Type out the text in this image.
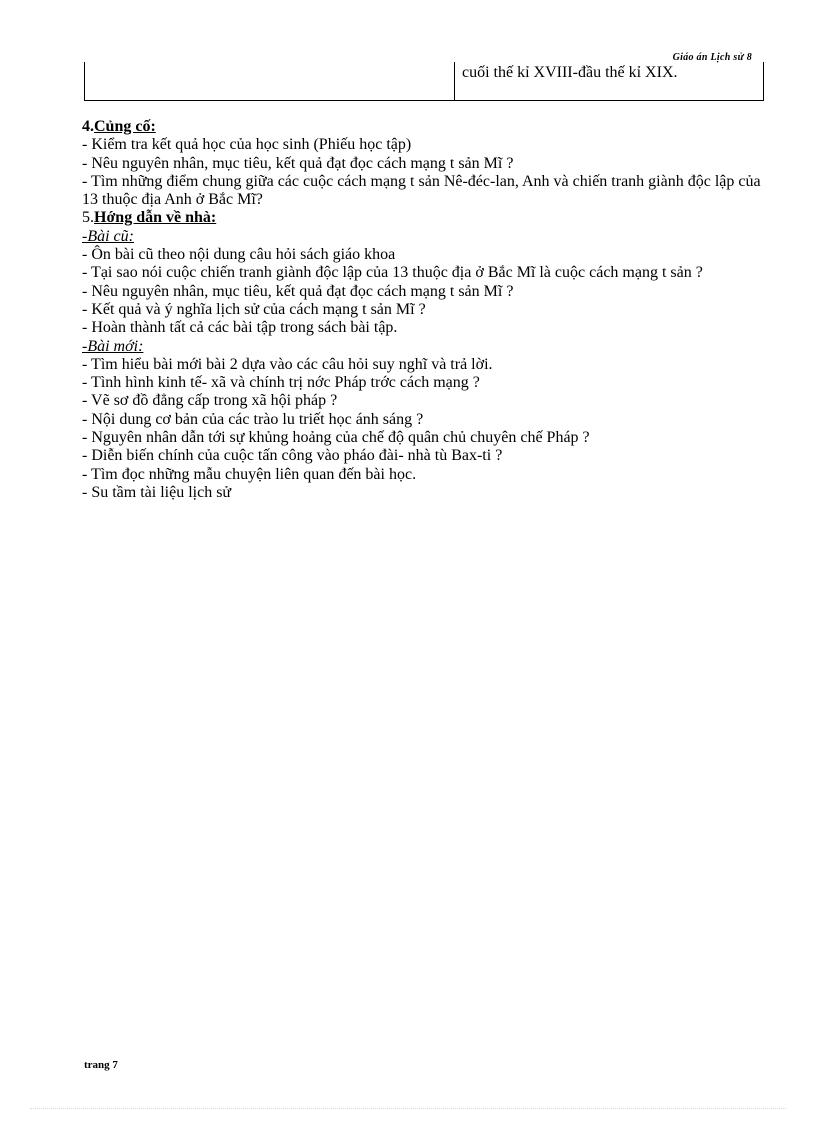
Giáo án Lịch sử 8
cuối thế kỉ XVIII-đầu thế kỉ XIX.
4.Củng cố:
- Kiểm tra kết quả học của học sinh (Phiếu học tập)
- Nêu nguyên nhân, mục tiêu, kết quả đạt đọc cách mạng t sản Mĩ ?
- Tìm những điểm chung giữa các cuộc cách mạng t sản Nê-đéc-lan, Anh và chiến tranh giành độc lập của 13 thuộc địa Anh ở Bắc Mĩ?
5.Hớng dẫn về nhà:
-Bài cũ:
- Ôn bài cũ theo nội dung câu hỏi sách giáo khoa
- Tại sao nói cuộc chiến tranh giành độc lập của 13 thuộc địa ở Bắc Mĩ là cuộc cách mạng t sản ?
- Nêu nguyên nhân, mục tiêu, kết quả đạt đọc cách mạng t sản Mĩ ?
- Kết quả và ý nghĩa lịch sử của cách mạng t sản Mĩ ?
- Hoàn thành tất cả các bài tập trong sách bài tập.
-Bài mới:
- Tìm hiểu bài mới bài 2 dựa vào các câu hỏi suy nghĩ và trả lời.
- Tình hình kinh tế- xã và chính trị nớc Pháp trớc cách mạng ?
- Vẽ sơ đồ đẳng cấp trong xã hội pháp ?
- Nội dung cơ bản của các trào lu triết học ánh sáng ?
- Nguyên nhân dẫn tới sự khủng hoảng của chế độ quân chủ chuyên chế Pháp ?
- Diễn biến chính của cuộc tấn công vào pháo đài- nhà tù Bax-ti ?
- Tìm đọc những mẫu chuyện liên quan đến bài học.
- Su tầm tài liệu lịch sử
trang 7
